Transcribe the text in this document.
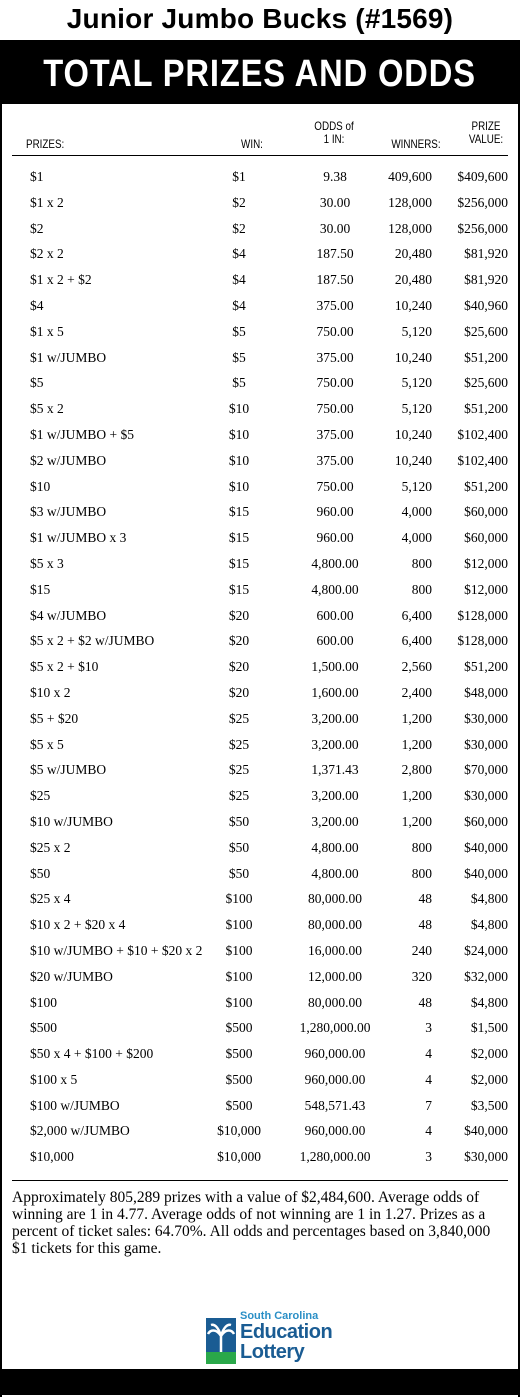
Junior Jumbo Bucks (#1569)
TOTAL PRIZES AND ODDS
PRIZES:	WIN:
ODDS of
1 IN:	WINNERS:
PRIZE
VALUE:
$1	$1	9.38	409,600	$409,600
$1 x 2	$2	30.00	128,000	$256,000
$2	$2	30.00	128,000	$256,000
$2 x 2	$4	187.50	20,480	$81,920
$1 x 2 + $2	$4	187.50	20,480	$81,920
$4	$4	375.00	10,240	$40,960
$1 x 5	$5	750.00	5,120	$25,600
$1 w/JUMBO	$5	375.00	10,240	$51,200
$5	$5	750.00	5,120	$25,600
$5 x 2	$10	750.00	5,120	$51,200
$1 w/JUMBO + $5	$10	375.00	10,240	$102,400
$2 w/JUMBO	$10	375.00	10,240	$102,400
$10	$10	750.00	5,120	$51,200
$3 w/JUMBO	$15	960.00	4,000	$60,000
$1 w/JUMBO x 3	$15	960.00	4,000	$60,000
$5 x 3	$15	4,800.00	800	$12,000
$15	$15	4,800.00	800	$12,000
$4 w/JUMBO	$20	600.00	6,400	$128,000
$5 x 2 + $2 w/JUMBO	$20	600.00	6,400	$128,000
$5 x 2 + $10	$20	1,500.00	2,560	$51,200
$10 x 2	$20	1,600.00	2,400	$48,000
$5 + $20	$25	3,200.00	1,200	$30,000
$5 x 5	$25	3,200.00	1,200	$30,000
$5 w/JUMBO	$25	1,371.43	2,800	$70,000
$25	$25	3,200.00	1,200	$30,000
$10 w/JUMBO	$50	3,200.00	1,200	$60,000
$25 x 2	$50	4,800.00	800	$40,000
$50	$50	4,800.00	800	$40,000
$25 x 4	$100	80,000.00	48	$4,800
$10 x 2 + $20 x 4	$100	80,000.00	48	$4,800
$10 w/JUMBO + $10 + $20 x 2	$100	16,000.00	240	$24,000
$20 w/JUMBO	$100	12,000.00	320	$32,000
$100	$100	80,000.00	48	$4,800
$500	$500	1,280,000.00	3	$1,500
$50 x 4 + $100 + $200	$500	960,000.00	4	$2,000
$100 x 5	$500	960,000.00	4	$2,000
$100 w/JUMBO	$500	548,571.43	7	$3,500
$2,000 w/JUMBO	$10,000	960,000.00	4	$40,000
$10,000	$10,000	1,280,000.00	3	$30,000
Approximately 805,289 prizes with a value of $2,484,600. Average odds of winning are 1 in 4.77. Average odds of not winning are 1 in 1.27. Prizes as a percent of ticket sales: 64.70%. All odds and percentages based on 3,840,000 $1 tickets for this game.
South Carolina
Education
Lottery
